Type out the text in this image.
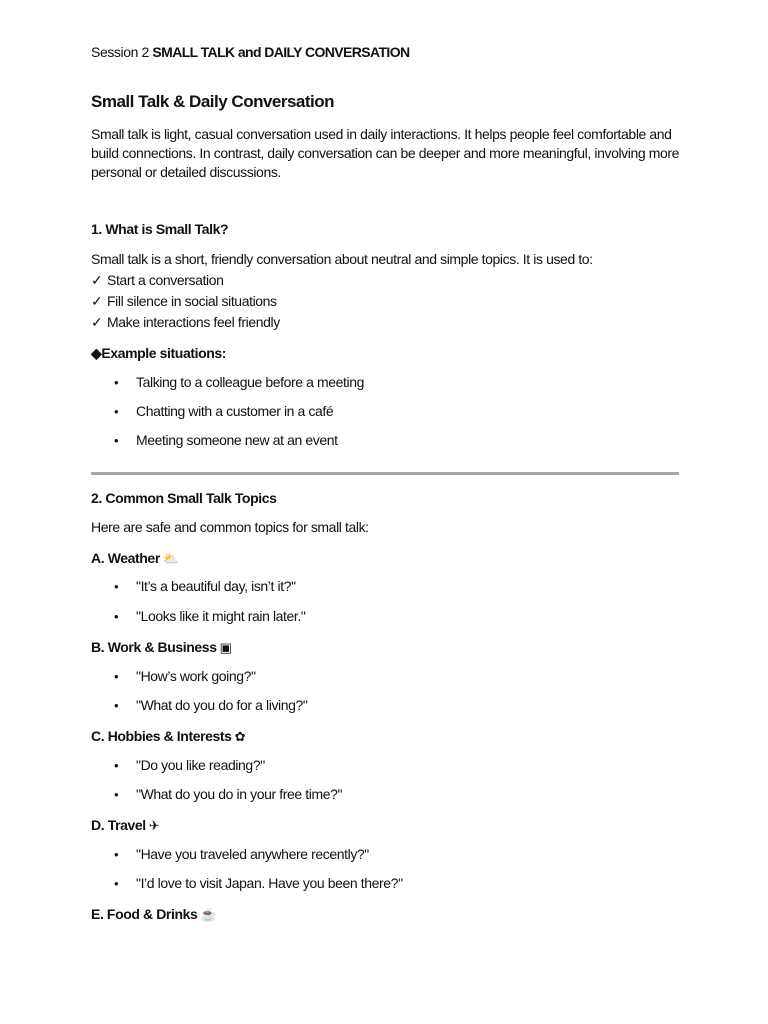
Session 2 SMALL TALK and DAILY CONVERSATION
Small Talk & Daily Conversation
Small talk is light, casual conversation used in daily interactions. It helps people feel comfortable and
build connections. In contrast, daily conversation can be deeper and more meaningful, involving more
personal or detailed discussions.
1. What is Small Talk?
Small talk is a short, friendly conversation about neutral and simple topics. It is used to:
✓ Start a conversation
✓ Fill silence in social situations
✓ Make interactions feel friendly
◆Example situations:
• Talking to a colleague before a meeting
• Chatting with a customer in a café
• Meeting someone new at an event
2. Common Small Talk Topics
Here are safe and common topics for small talk:
A. Weather ⛅
• "It’s a beautiful day, isn’t it?"
• "Looks like it might rain later."
B. Work & Business ▣
• "How’s work going?"
• "What do you do for a living?"
C. Hobbies & Interests ✿
• "Do you like reading?"
• "What do you do in your free time?"
D. Travel ✈
• "Have you traveled anywhere recently?"
• "I’d love to visit Japan. Have you been there?"
E. Food & Drinks ☕
